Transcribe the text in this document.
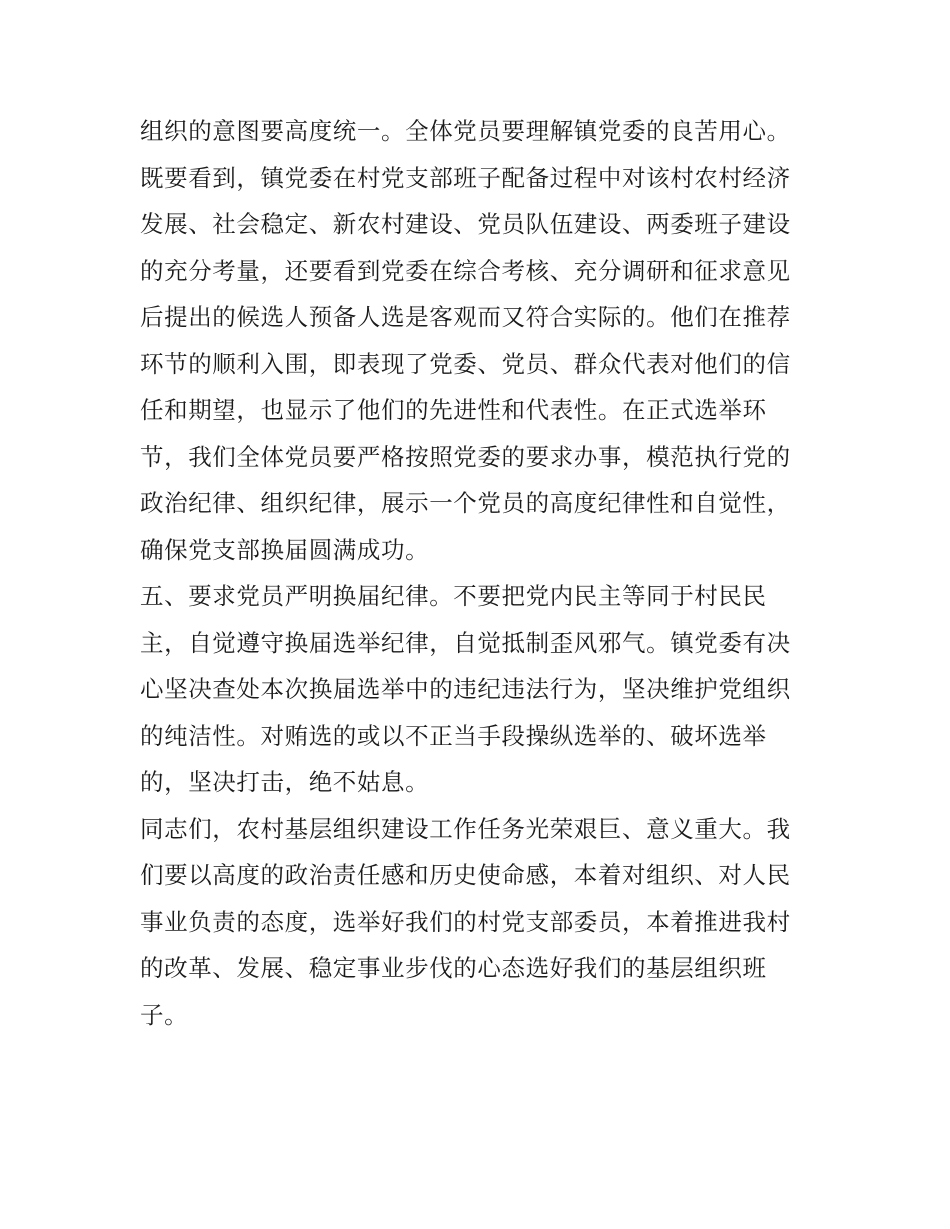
组织的意图要高度统一。全体党员要理解镇党委的良苦用心。
既要看到，镇党委在村党支部班子配备过程中对该村农村经济
发展、社会稳定、新农村建设、党员队伍建设、两委班子建设
的充分考量，还要看到党委在综合考核、充分调研和征求意见
后提出的候选人预备人选是客观而又符合实际的。他们在推荐
环节的顺利入围，即表现了党委、党员、群众代表对他们的信
任和期望，也显示了他们的先进性和代表性。在正式选举环
节，我们全体党员要严格按照党委的要求办事，模范执行党的
政治纪律、组织纪律，展示一个党员的高度纪律性和自觉性，
确保党支部换届圆满成功。
五、要求党员严明换届纪律。不要把党内民主等同于村民民
主，自觉遵守换届选举纪律，自觉抵制歪风邪气。镇党委有决
心坚决查处本次换届选举中的违纪违法行为，坚决维护党组织
的纯洁性。对贿选的或以不正当手段操纵选举的、破坏选举
的，坚决打击，绝不姑息。
同志们，农村基层组织建设工作任务光荣艰巨、意义重大。我
们要以高度的政治责任感和历史使命感，本着对组织、对人民
事业负责的态度，选举好我们的村党支部委员，本着推进我村
的改革、发展、稳定事业步伐的心态选好我们的基层组织班
子。
